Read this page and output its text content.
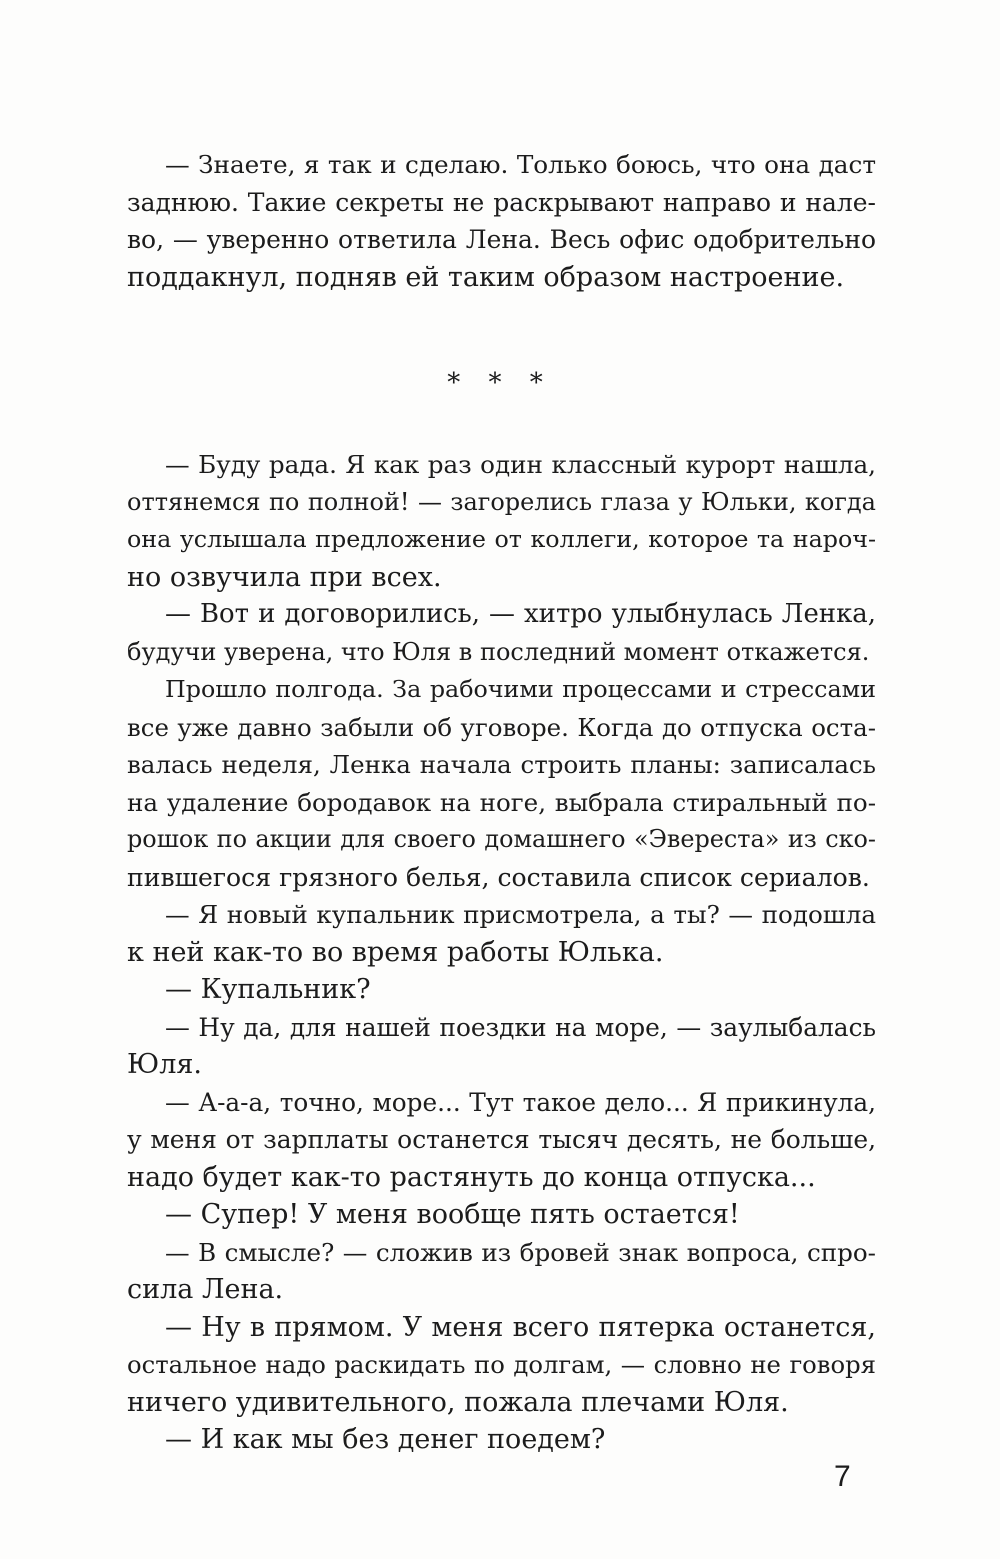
— Знаете, я так и сделаю. Только боюсь, что она даст
заднюю. Такие секреты не раскрывают направо и нале-
во, — уверенно ответила Лена. Весь офис одобрительно
поддакнул, подняв ей таким образом настроение.
* * *
— Буду рада. Я как раз один классный курорт нашла,
оттянемся по полной! — загорелись глаза у Юльки, когда
она услышала предложение от коллеги, которое та нароч-
но озвучила при всех.
— Вот и договорились, — хитро улыбнулась Ленка,
будучи уверена, что Юля в последний момент откажется.
Прошло полгода. За рабочими процессами и стрессами
все уже давно забыли об уговоре. Когда до отпуска оста-
валась неделя, Ленка начала строить планы: записалась
на удаление бородавок на ноге, выбрала стиральный по-
рошок по акции для своего домашнего «Эвереста» из ско-
пившегося грязного белья, составила список сериалов.
— Я новый купальник присмотрела, а ты? — подошла
к ней как-то во время работы Юлька.
— Купальник?
— Ну да, для нашей поездки на море, — заулыбалась
Юля.
— А-а-а, точно, море... Тут такое дело... Я прикинула,
у меня от зарплаты останется тысяч десять, не больше,
надо будет как-то растянуть до конца отпуска...
— Супер! У меня вообще пять остается!
— В смысле? — сложив из бровей знак вопроса, спро-
сила Лена.
— Ну в прямом. У меня всего пятерка останется,
остальное надо раскидать по долгам, — словно не говоря
ничего удивительного, пожала плечами Юля.
— И как мы без денег поедем?
7
